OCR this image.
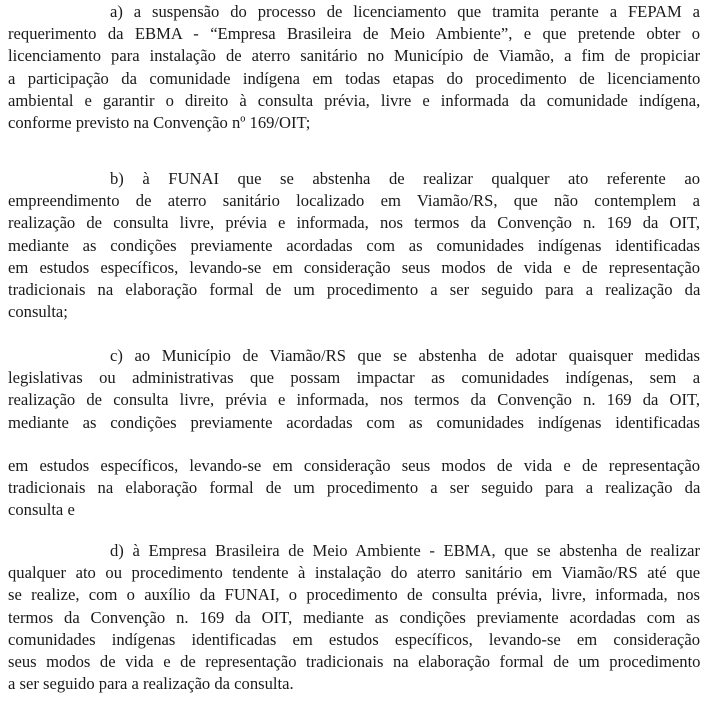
a) a suspensão do processo de licenciamento que tramita perante a FEPAM a
requerimento da EBMA - “Empresa Brasileira de Meio Ambiente”, e que pretende obter o
licenciamento para instalação de aterro sanitário no Município de Viamão, a fim de propiciar
a participação da comunidade indígena em todas etapas do procedimento de licenciamento
ambiental e garantir o direito à consulta prévia, livre e informada da comunidade indígena,
conforme previsto na Convenção nº 169/OIT;
b) à FUNAI que se abstenha de realizar qualquer ato referente ao
empreendimento de aterro sanitário localizado em Viamão/RS, que não contemplem a
realização de consulta livre, prévia e informada, nos termos da Convenção n. 169 da OIT,
mediante as condições previamente acordadas com as comunidades indígenas identificadas
em estudos específicos, levando-se em consideração seus modos de vida e de representação
tradicionais na elaboração formal de um procedimento a ser seguido para a realização da
consulta;
c) ao Município de Viamão/RS que se abstenha de adotar quaisquer medidas
legislativas ou administrativas que possam impactar as comunidades indígenas, sem a
realização de consulta livre, prévia e informada, nos termos da Convenção n. 169 da OIT,
mediante as condições previamente acordadas com as comunidades indígenas identificadas
em estudos específicos, levando-se em consideração seus modos de vida e de representação
tradicionais na elaboração formal de um procedimento a ser seguido para a realização da
consulta e
d) à Empresa Brasileira de Meio Ambiente - EBMA, que se abstenha de realizar
qualquer ato ou procedimento tendente à instalação do aterro sanitário em Viamão/RS até que
se realize, com o auxílio da FUNAI, o procedimento de consulta prévia, livre, informada, nos
termos da Convenção n. 169 da OIT, mediante as condições previamente acordadas com as
comunidades indígenas identificadas em estudos específicos, levando-se em consideração
seus modos de vida e de representação tradicionais na elaboração formal de um procedimento
a ser seguido para a realização da consulta.
